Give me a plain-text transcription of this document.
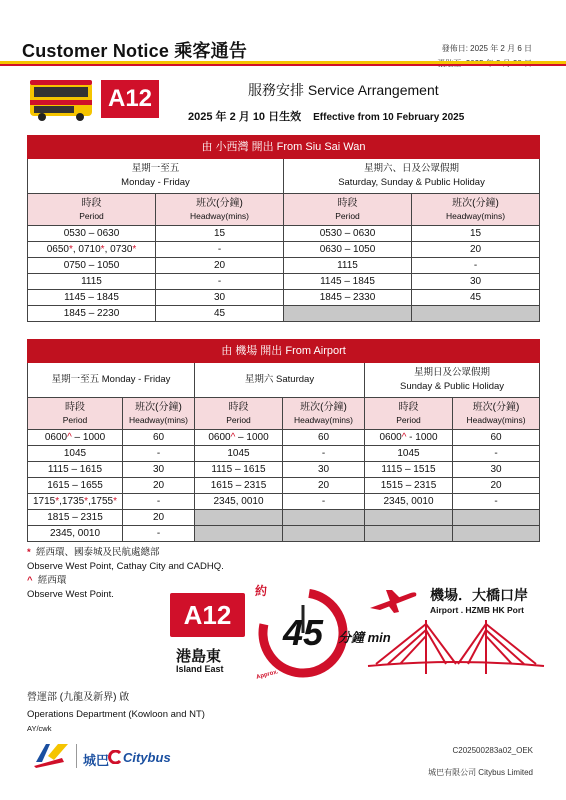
Customer Notice 乘客通告	發佈日: 2025 年 2 月 6 日
A12	服務安排 Service Arrangement
2025 年 2 月 10 日生效 Effective from 10 February 2025
由 小西灣 開出 From Siu Sai Wan			
星期一至五
Monday - Friday		星期六、日及公眾假期
Saturday, Sunday & Public Holiday	
時段
Period	班次(分鐘)
Headway(mins)	時段
Period	班次(分鐘)
Headway(mins)
0530 – 0630	15	0530 – 0630	15
0650*, 0710*, 0730*	-	0630 – 1050	20
0750 – 1050	20	1115	-
1115	-	1145 – 1845	30
1145 – 1845	30	1845 – 2330	45
1845 – 2230	45		
由 機場 開出 From Airport					
星期一至五 Monday - Friday		星期六 Saturday		星期日及公眾假期
Sunday & Public Holiday	
時段
Period	班次(分鐘)
Headway(mins)	時段
Period	班次(分鐘)
Headway(mins)	時段
Period	班次(分鐘)
Headway(mins)
0600^ – 1000	60	0600^ – 1000	60	0600^ - 1000	60
1045	-	1045	-	1045	-
1115 – 1615	30	1115 – 1615	30	1115 – 1515	30
1615 – 1655	20	1615 – 2315	20	1515 – 2315	20
1715*,1735*,1755*	-	2345, 0010	-	2345, 0010	-
1815 – 2315	20				
2345, 0010	-				
* 經西環、國泰城及民航處總部
Observe West Point, Cathay City and CADHQ.
^ 經西環
Observe West Point.
A12
港島東
Island East
約
45 分鐘 min
Approx.
機場．大橋口岸
Airport . HZMB HK Port
營運部 (九龍及新界) 啟
Operations Department (Kowloon and NT)
AY/cwk
城巴 Citybus	C202500283a02_OEK
城巴有限公司 Citybus Limited
